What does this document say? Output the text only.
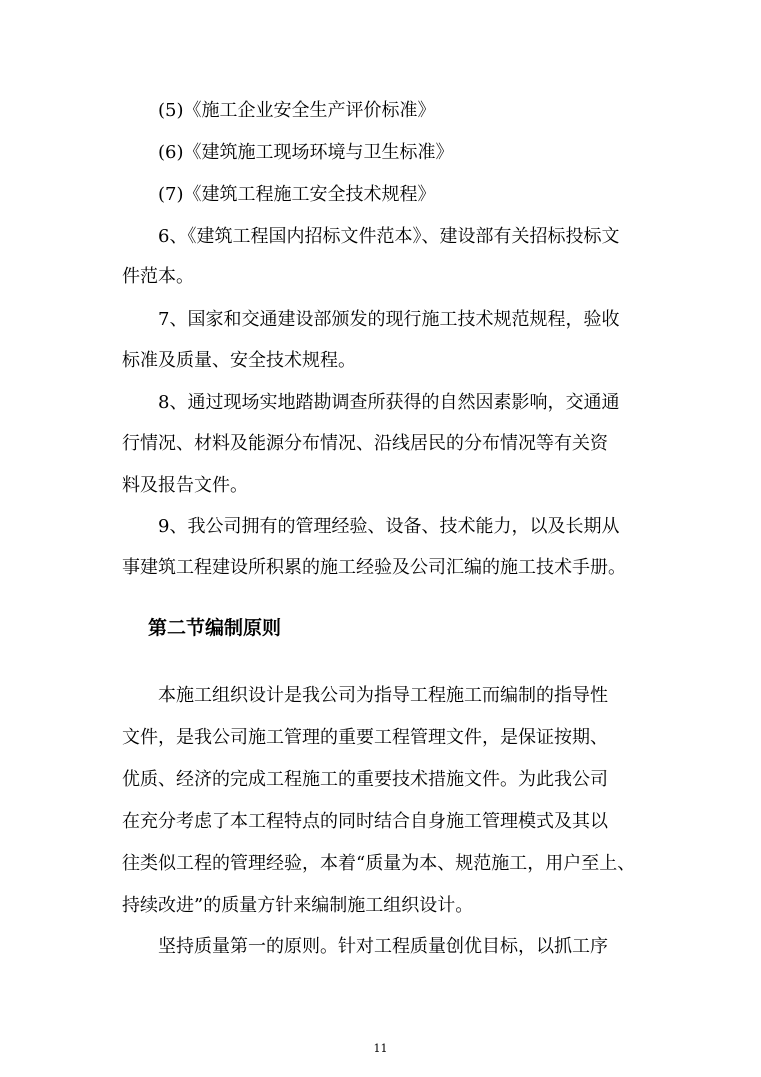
(5)《施工企业安全生产评价标准》
(6)《建筑施工现场环境与卫生标准》
(7)《建筑工程施工安全技术规程》
6、《建筑工程国内招标文件范本》、建设部有关招标投标文
件范本。
7、国家和交通建设部颁发的现行施工技术规范规程，验收
标准及质量、安全技术规程。
8、通过现场实地踏勘调查所获得的自然因素影响，交通通
行情况、材料及能源分布情况、沿线居民的分布情况等有关资
料及报告文件。
9、我公司拥有的管理经验、设备、技术能力，以及长期从
事建筑工程建设所积累的施工经验及公司汇编的施工技术手册。
第二节编制原则
本施工组织设计是我公司为指导工程施工而编制的指导性
文件，是我公司施工管理的重要工程管理文件，是保证按期、
优质、经济的完成工程施工的重要技术措施文件。为此我公司
在充分考虑了本工程特点的同时结合自身施工管理模式及其以
往类似工程的管理经验，本着“质量为本、规范施工，用户至上、
持续改进”的质量方针来编制施工组织设计。
坚持质量第一的原则。针对工程质量创优目标，以抓工序
11
